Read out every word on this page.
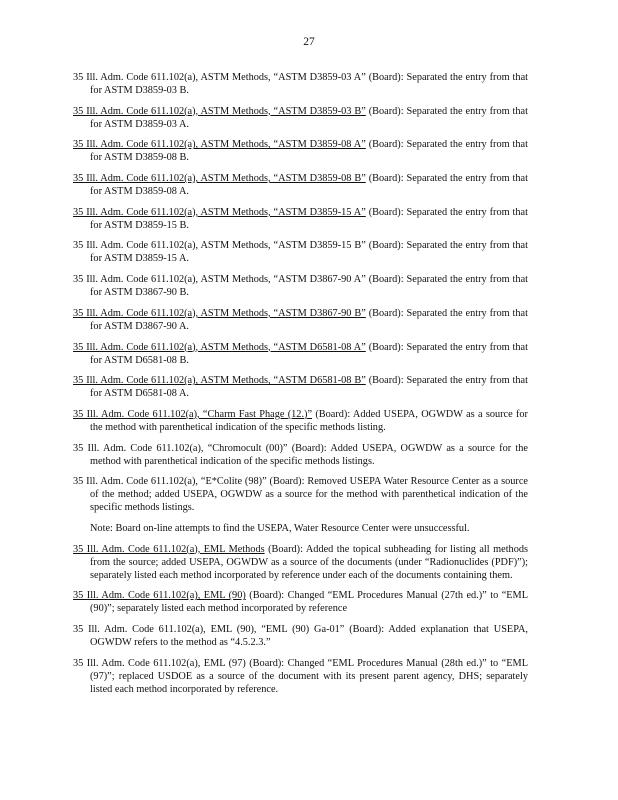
27

35 Ill. Adm. Code 611.102(a), ASTM Methods, “ASTM D3859-03 A” (Board): Separated the entry from that for ASTM D3859-03 B.

35 Ill. Adm. Code 611.102(a), ASTM Methods, “ASTM D3859-03 B” (Board): Separated the entry from that for ASTM D3859-03 A.

35 Ill. Adm. Code 611.102(a), ASTM Methods, “ASTM D3859-08 A” (Board): Separated the entry from that for ASTM D3859-08 B.

35 Ill. Adm. Code 611.102(a), ASTM Methods, “ASTM D3859-08 B” (Board): Separated the entry from that for ASTM D3859-08 A.

35 Ill. Adm. Code 611.102(a), ASTM Methods, “ASTM D3859-15 A” (Board): Separated the entry from that for ASTM D3859-15 B.

35 Ill. Adm. Code 611.102(a), ASTM Methods, “ASTM D3859-15 B” (Board): Separated the entry from that for ASTM D3859-15 A.

35 Ill. Adm. Code 611.102(a), ASTM Methods, “ASTM D3867-90 A” (Board): Separated the entry from that for ASTM D3867-90 B.

35 Ill. Adm. Code 611.102(a), ASTM Methods, “ASTM D3867-90 B” (Board): Separated the entry from that for ASTM D3867-90 A.

35 Ill. Adm. Code 611.102(a), ASTM Methods, “ASTM D6581-08 A” (Board): Separated the entry from that for ASTM D6581-08 B.

35 Ill. Adm. Code 611.102(a), ASTM Methods, “ASTM D6581-08 B” (Board): Separated the entry from that for ASTM D6581-08 A.

35 Ill. Adm. Code 611.102(a), “Charm Fast Phage (12.)” (Board): Added USEPA, OGWDW as a source for the method with parenthetical indication of the specific methods listing.

35 Ill. Adm. Code 611.102(a), “Chromocult (00)” (Board): Added USEPA, OGWDW as a source for the method with parenthetical indication of the specific methods listings.

35 Ill. Adm. Code 611.102(a), “E*Colite (98)” (Board): Removed USEPA Water Resource Center as a source of the method; added USEPA, OGWDW as a source for the method with parenthetical indication of the specific methods listings.

Note: Board on-line attempts to find the USEPA, Water Resource Center were unsuccessful.

35 Ill. Adm. Code 611.102(a), EML Methods (Board): Added the topical subheading for listing all methods from the source; added USEPA, OGWDW as a source of the documents (under “Radionuclides (PDF)”); separately listed each method incorporated by reference under each of the documents containing them.

35 Ill. Adm. Code 611.102(a), EML (90) (Board): Changed “EML Procedures Manual (27th ed.)” to “EML (90)”; separately listed each method incorporated by reference

35 Ill. Adm. Code 611.102(a), EML (90), “EML (90) Ga-01” (Board): Added explanation that USEPA, OGWDW refers to the method as “4.5.2.3.”

35 Ill. Adm. Code 611.102(a), EML (97) (Board): Changed “EML Procedures Manual (28th ed.)” to “EML (97)”; replaced USDOE as a source of the document with its present parent agency, DHS; separately listed each method incorporated by reference.
